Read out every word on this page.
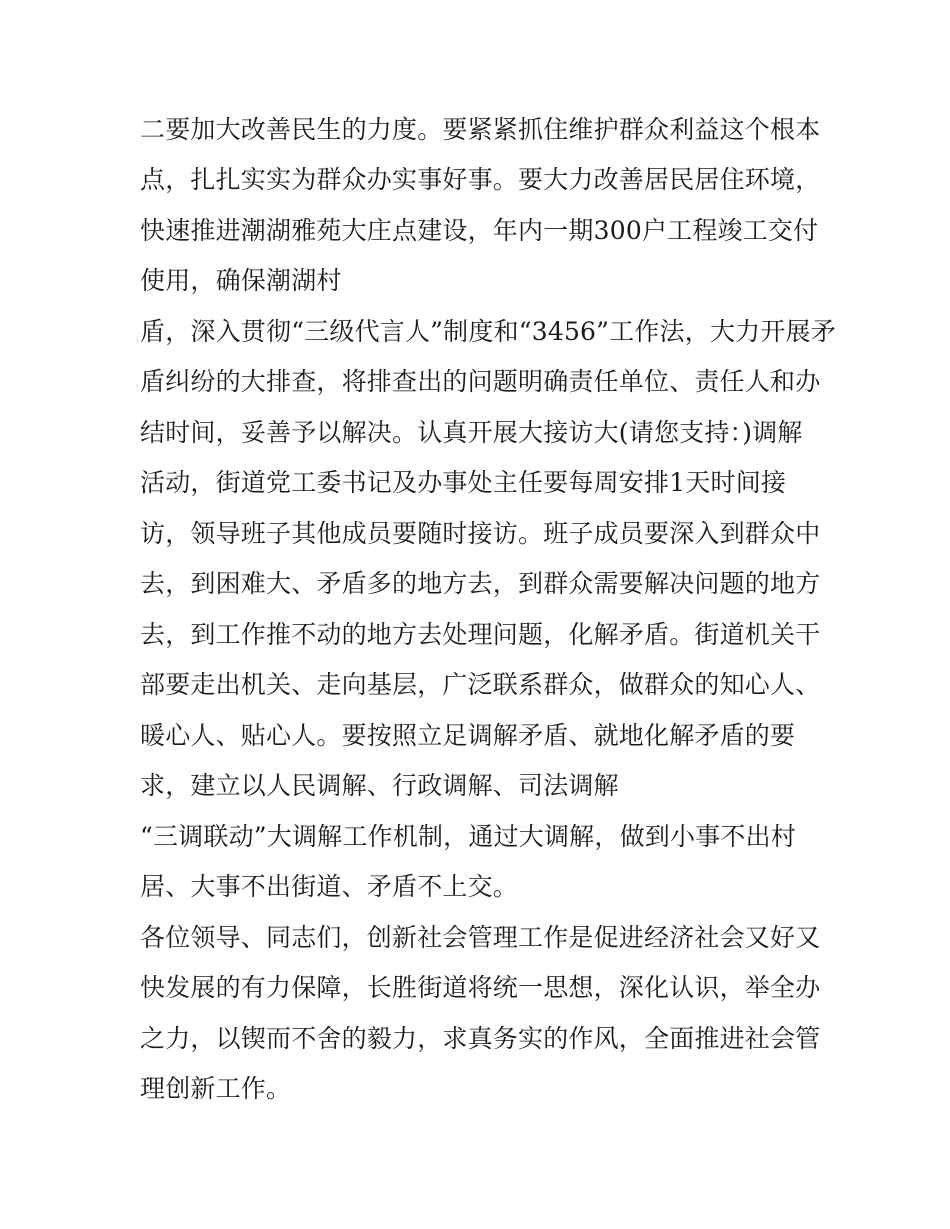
二要加大改善民生的力度。要紧紧抓住维护群众利益这个根本
点，扎扎实实为群众办实事好事。要大力改善居民居住环境，
快速推进潮湖雅苑大庄点建设，年内一期300户工程竣工交付
使用，确保潮湖村
盾，深入贯彻“三级代言人”制度和“3456”工作法，大力开展矛
盾纠纷的大排查，将排查出的问题明确责任单位、责任人和办
结时间，妥善予以解决。认真开展大接访大(请您支持：)调解
活动，街道党工委书记及办事处主任要每周安排1天时间接
访，领导班子其他成员要随时接访。班子成员要深入到群众中
去，到困难大、矛盾多的地方去，到群众需要解决问题的地方
去，到工作推不动的地方去处理问题，化解矛盾。街道机关干
部要走出机关、走向基层，广泛联系群众，做群众的知心人、
暖心人、贴心人。要按照立足调解矛盾、就地化解矛盾的要
求，建立以人民调解、行政调解、司法调解
“三调联动”大调解工作机制，通过大调解，做到小事不出村
居、大事不出街道、矛盾不上交。
各位领导、同志们，创新社会管理工作是促进经济社会又好又
快发展的有力保障，长胜街道将统一思想，深化认识，举全办
之力，以锲而不舍的毅力，求真务实的作风，全面推进社会管
理创新工作。
